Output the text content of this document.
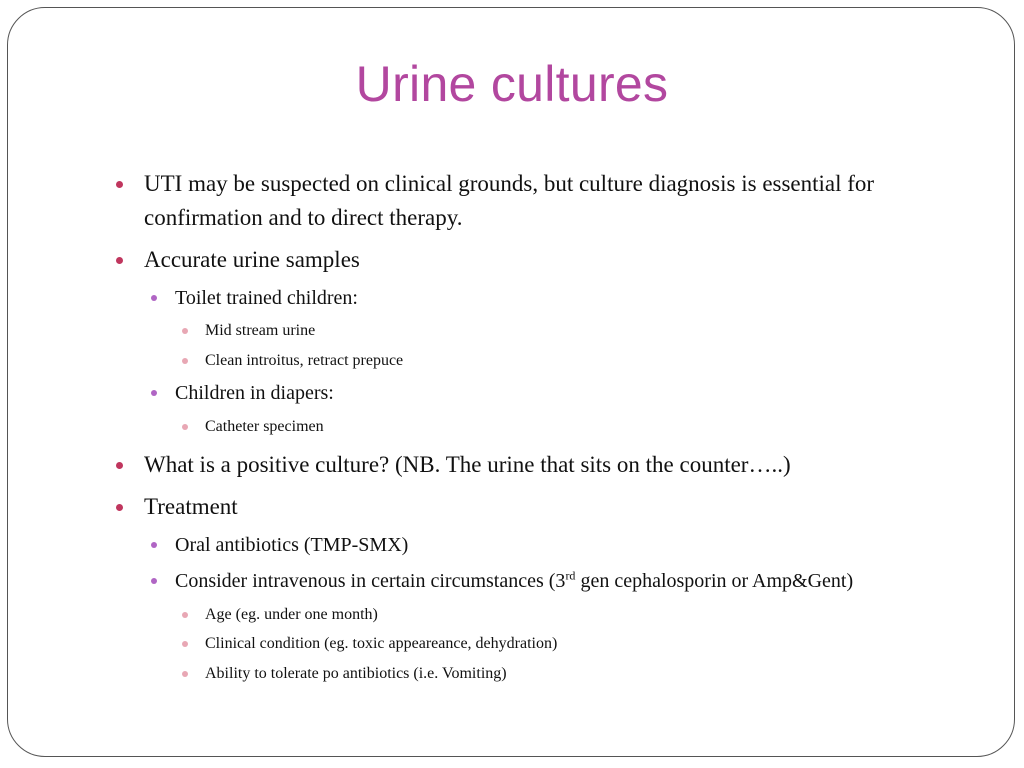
Urine cultures
UTI may be suspected on clinical grounds, but culture diagnosis is essential for
confirmation and to direct therapy.
Accurate urine samples
Toilet trained children:
Mid stream urine
Clean introitus, retract prepuce
Children in diapers:
Catheter specimen
What is a positive culture? (NB. The urine that sits on the counter…..)
Treatment
Oral antibiotics (TMP-SMX)
Consider intravenous in certain circumstances (3rd gen cephalosporin or Amp&Gent)
Age (eg. under one month)
Clinical condition (eg. toxic appeareance, dehydration)
Ability to tolerate po antibiotics (i.e. Vomiting)
